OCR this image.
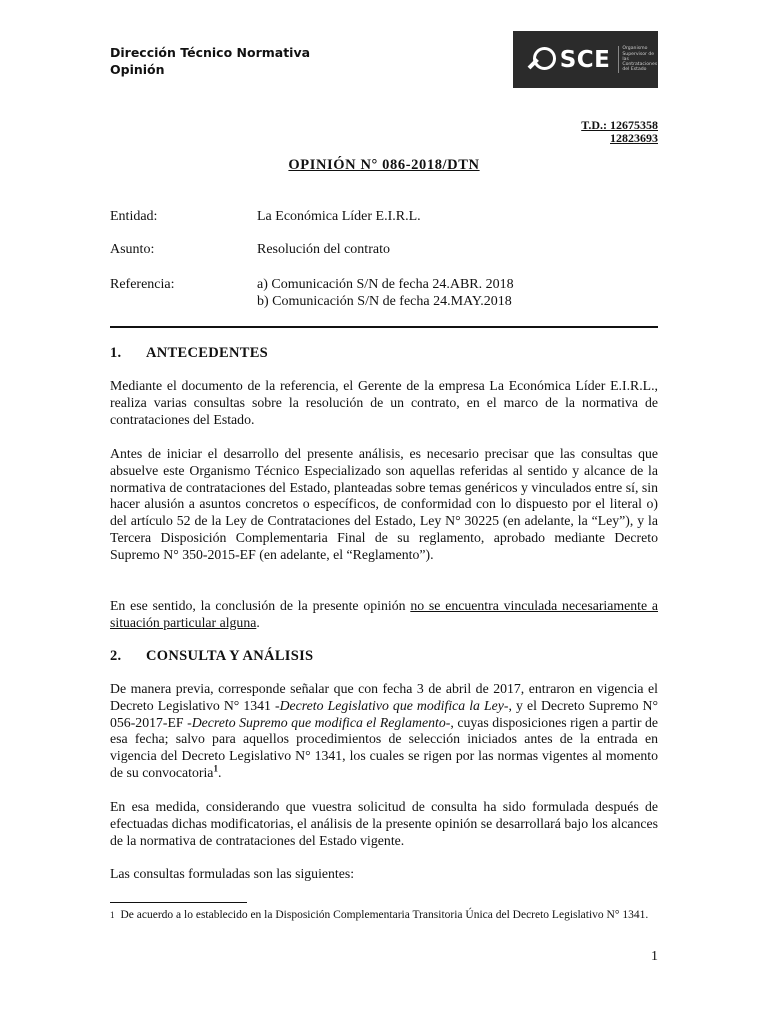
Dirección Técnico Normativa
Opinión	SCE	Organismo Supervisor de las Contrataciones del Estado
T.D.: 12675358
12823693
OPINIÓN N° 086-2018/DTN
Entidad:	La Económica Líder E.I.R.L.
Asunto:	Resolución del contrato
Referencia:	a) Comunicación S/N de fecha 24.ABR. 2018
b) Comunicación S/N de fecha 24.MAY.2018
1. ANTECEDENTES
Mediante el documento de la referencia, el Gerente de la empresa La Económica Líder E.I.R.L., realiza varias consultas sobre la resolución de un contrato, en el marco de la normativa de contrataciones del Estado.
Antes de iniciar el desarrollo del presente análisis, es necesario precisar que las consultas que absuelve este Organismo Técnico Especializado son aquellas referidas al sentido y alcance de la normativa de contrataciones del Estado, planteadas sobre temas genéricos y vinculados entre sí, sin hacer alusión a asuntos concretos o específicos, de conformidad con lo dispuesto por el literal o) del artículo 52 de la Ley de Contrataciones del Estado, Ley N° 30225 (en adelante, la “Ley”), y la Tercera Disposición Complementaria Final de su reglamento, aprobado mediante Decreto Supremo N° 350-2015-EF (en adelante, el “Reglamento”).
En ese sentido, la conclusión de la presente opinión no se encuentra vinculada necesariamente a situación particular alguna.
2. CONSULTA Y ANÁLISIS
De manera previa, corresponde señalar que con fecha 3 de abril de 2017, entraron en vigencia el Decreto Legislativo N° 1341 -Decreto Legislativo que modifica la Ley-, y el Decreto Supremo N° 056-2017-EF -Decreto Supremo que modifica el Reglamento-, cuyas disposiciones rigen a partir de esa fecha; salvo para aquellos procedimientos de selección iniciados antes de la entrada en vigencia del Decreto Legislativo N° 1341, los cuales se rigen por las normas vigentes al momento de su convocatoria$^1$.
En esa medida, considerando que vuestra solicitud de consulta ha sido formulada después de efectuadas dichas modificatorias, el análisis de la presente opinión se desarrollará bajo los alcances de la normativa de contrataciones del Estado vigente.
Las consultas formuladas son las siguientes:
$^1$ De acuerdo a lo establecido en la Disposición Complementaria Transitoria Única del Decreto Legislativo N° 1341.
1
